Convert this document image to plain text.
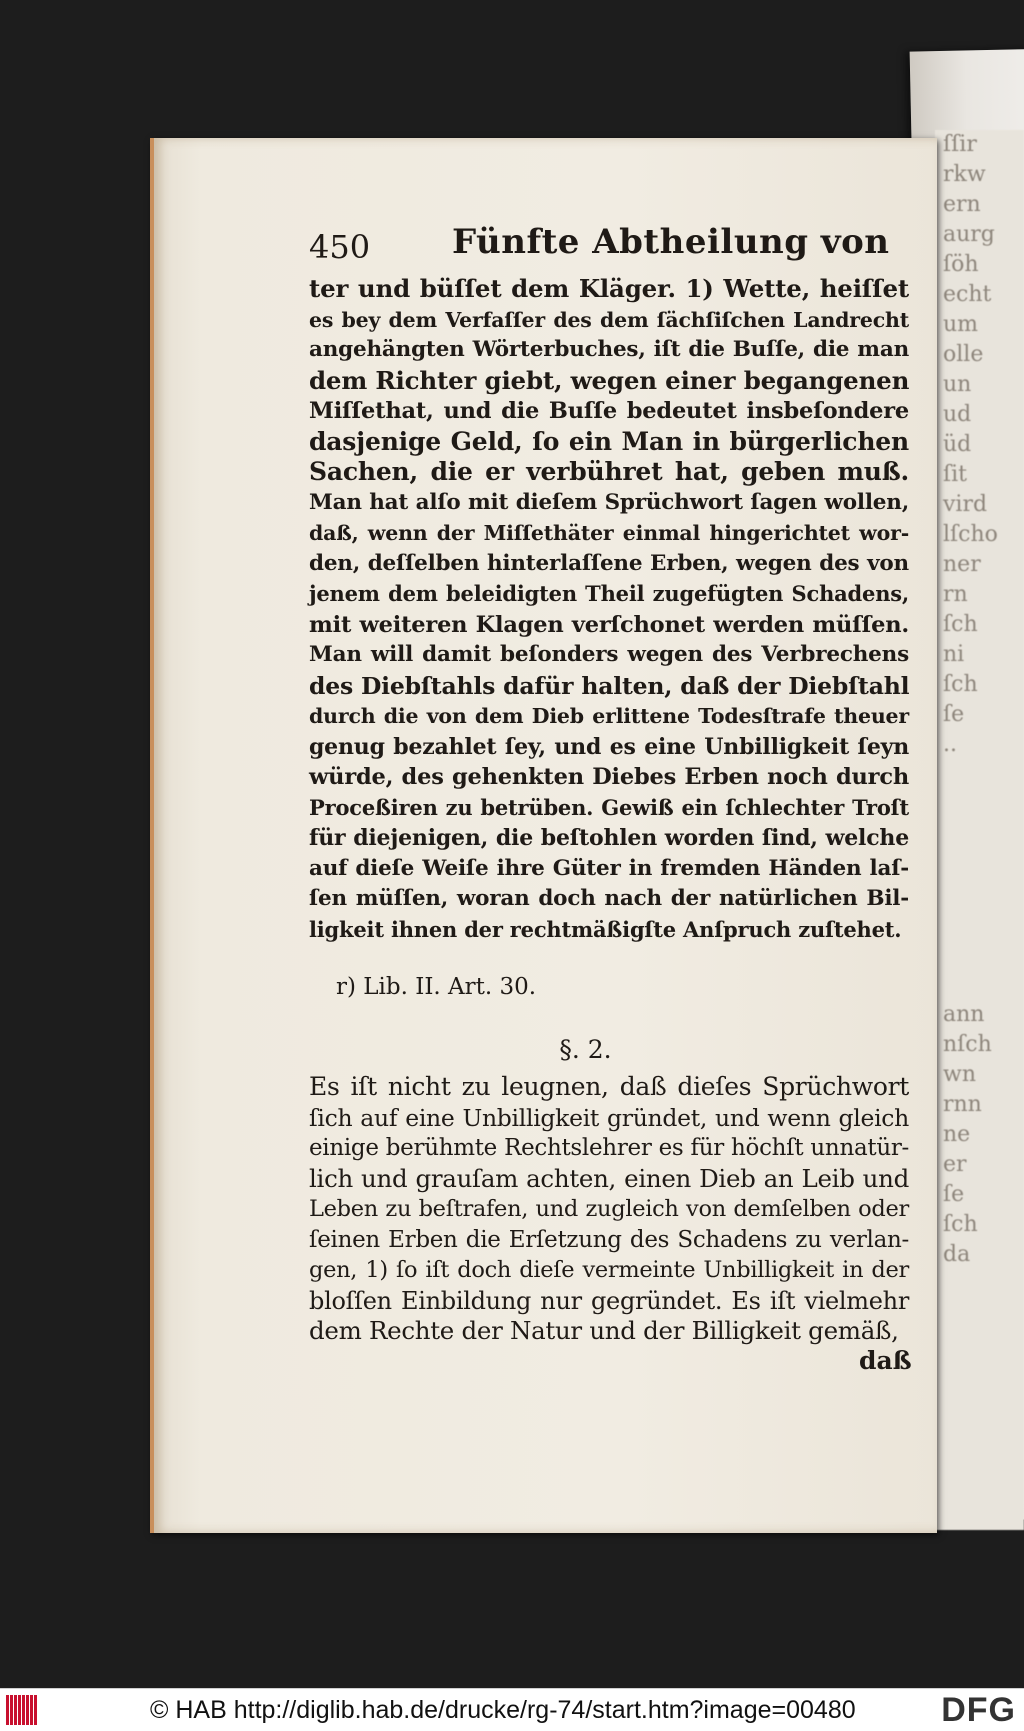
ſſir
rkw
ern
aurg
ſöh
echt
um
olle
un
ud
üd
ſit
vird
lſcho
ner
rn
ſch
ni
ſch
ſe
..
ann
nſch
wn
rnn
ne
er
ſe
ſch
da
450 Fünfte Abtheilung von
ter und büſſet dem Kläger. 1) Wette, heiſſet
es bey dem Verfaſſer des dem ſächſiſchen Landrecht
angehängten Wörterbuches, iſt die Buſſe, die man
dem Richter giebt, wegen einer begangenen
Miſſethat, und die Buſſe bedeutet insbeſondere
dasjenige Geld, ſo ein Man in bürgerlichen
Sachen, die er verbühret hat, geben muß.
Man hat alſo mit dieſem Sprüchwort ſagen wollen,
daß, wenn der Miſſethäter einmal hingerichtet wor-
den, deſſelben hinterlaſſene Erben, wegen des von
jenem dem beleidigten Theil zugefügten Schadens,
mit weiteren Klagen verſchonet werden müſſen.
Man will damit beſonders wegen des Verbrechens
des Diebſtahls dafür halten, daß der Diebſtahl
durch die von dem Dieb erlittene Todesſtrafe theuer
genug bezahlet ſey, und es eine Unbilligkeit ſeyn
würde, des gehenkten Diebes Erben noch durch
Proceßiren zu betrüben. Gewiß ein ſchlechter Troſt
für diejenigen, die beſtohlen worden ſind, welche
auf dieſe Weiſe ihre Güter in fremden Händen laſ-
ſen müſſen, woran doch nach der natürlichen Bil-
ligkeit ihnen der rechtmäßigſte Anſpruch zuſtehet.
r) Lib. II. Art. 30.
§. 2.
Es iſt nicht zu leugnen, daß dieſes Sprüchwort
ſich auf eine Unbilligkeit gründet, und wenn gleich
einige berühmte Rechtslehrer es für höchſt unnatür-
lich und grauſam achten, einen Dieb an Leib und
Leben zu beſtrafen, und zugleich von demſelben oder
ſeinen Erben die Erſetzung des Schadens zu verlan-
gen, 1) ſo iſt doch dieſe vermeinte Unbilligkeit in der
bloſſen Einbildung nur gegründet. Es iſt vielmehr
dem Rechte der Natur und der Billigkeit gemäß,
daß
© HAB http://diglib.hab.de/drucke/rg-74/start.htm?image=00480	DFG
